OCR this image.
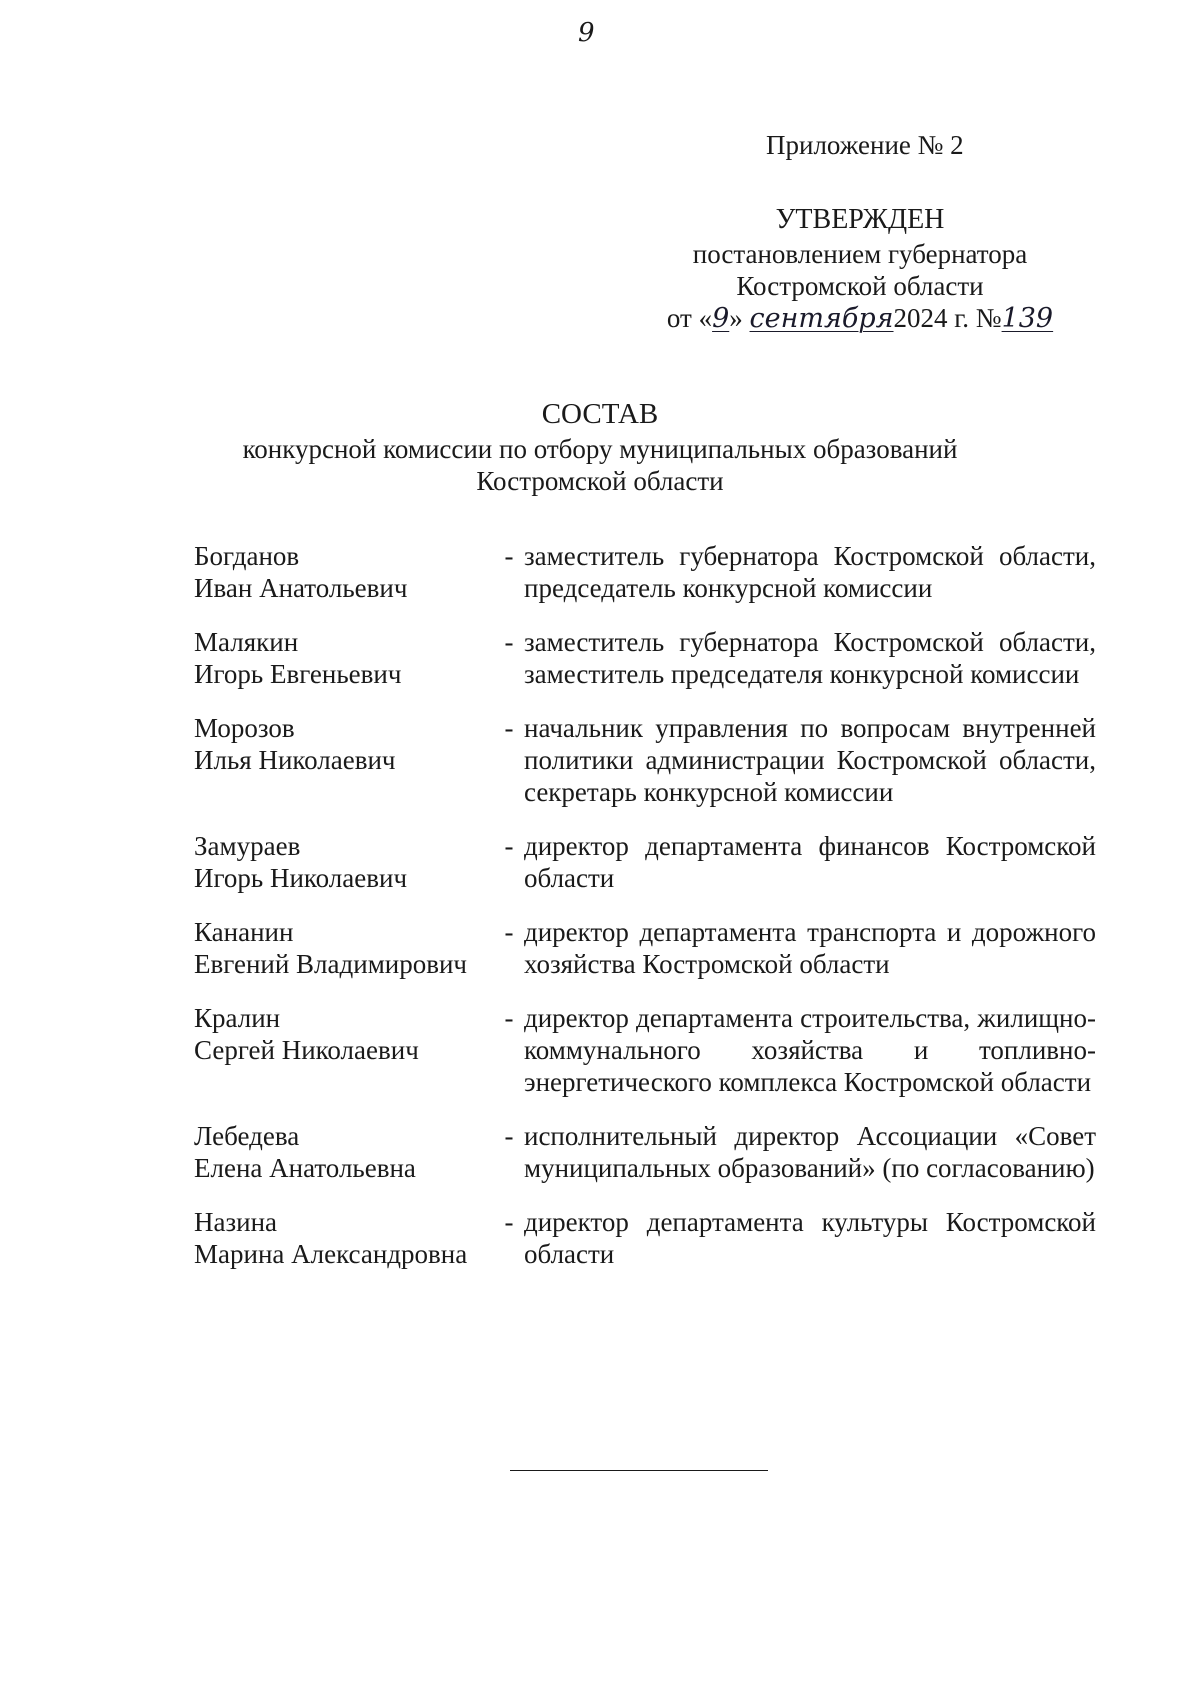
9
Приложение № 2
УТВЕРЖДЕН
постановлением губернатора
Костромской области
от «9» сентября2024 г. №139
СОСТАВ
конкурсной комиссии по отбору муниципальных образований
Костромской области
Богданов
Иван Анатольевич
- заместитель губернатора Костромской области, председатель конкурсной комиссии
Малякин
Игорь Евгеньевич
- заместитель губернатора Костромской области, заместитель председателя конкурсной комиссии
Морозов
Илья Николаевич
- начальник управления по вопросам внутренней политики администрации Костромской области, секретарь конкурсной комиссии
Замураев
Игорь Николаевич
- директор департамента финансов Костромской области
Кананин
Евгений Владимирович
- директор департамента транспорта и дорожного хозяйства Костромской области
Кралин
Сергей Николаевич
- директор департамента строительства, жилищно-коммунального хозяйства и топливно-энергетического комплекса Костромской области
Лебедева
Елена Анатольевна
- исполнительный директор Ассоциации «Совет муниципальных образований» (по согласованию)
Назина
Марина Александровна
- директор департамента культуры Костромской области
